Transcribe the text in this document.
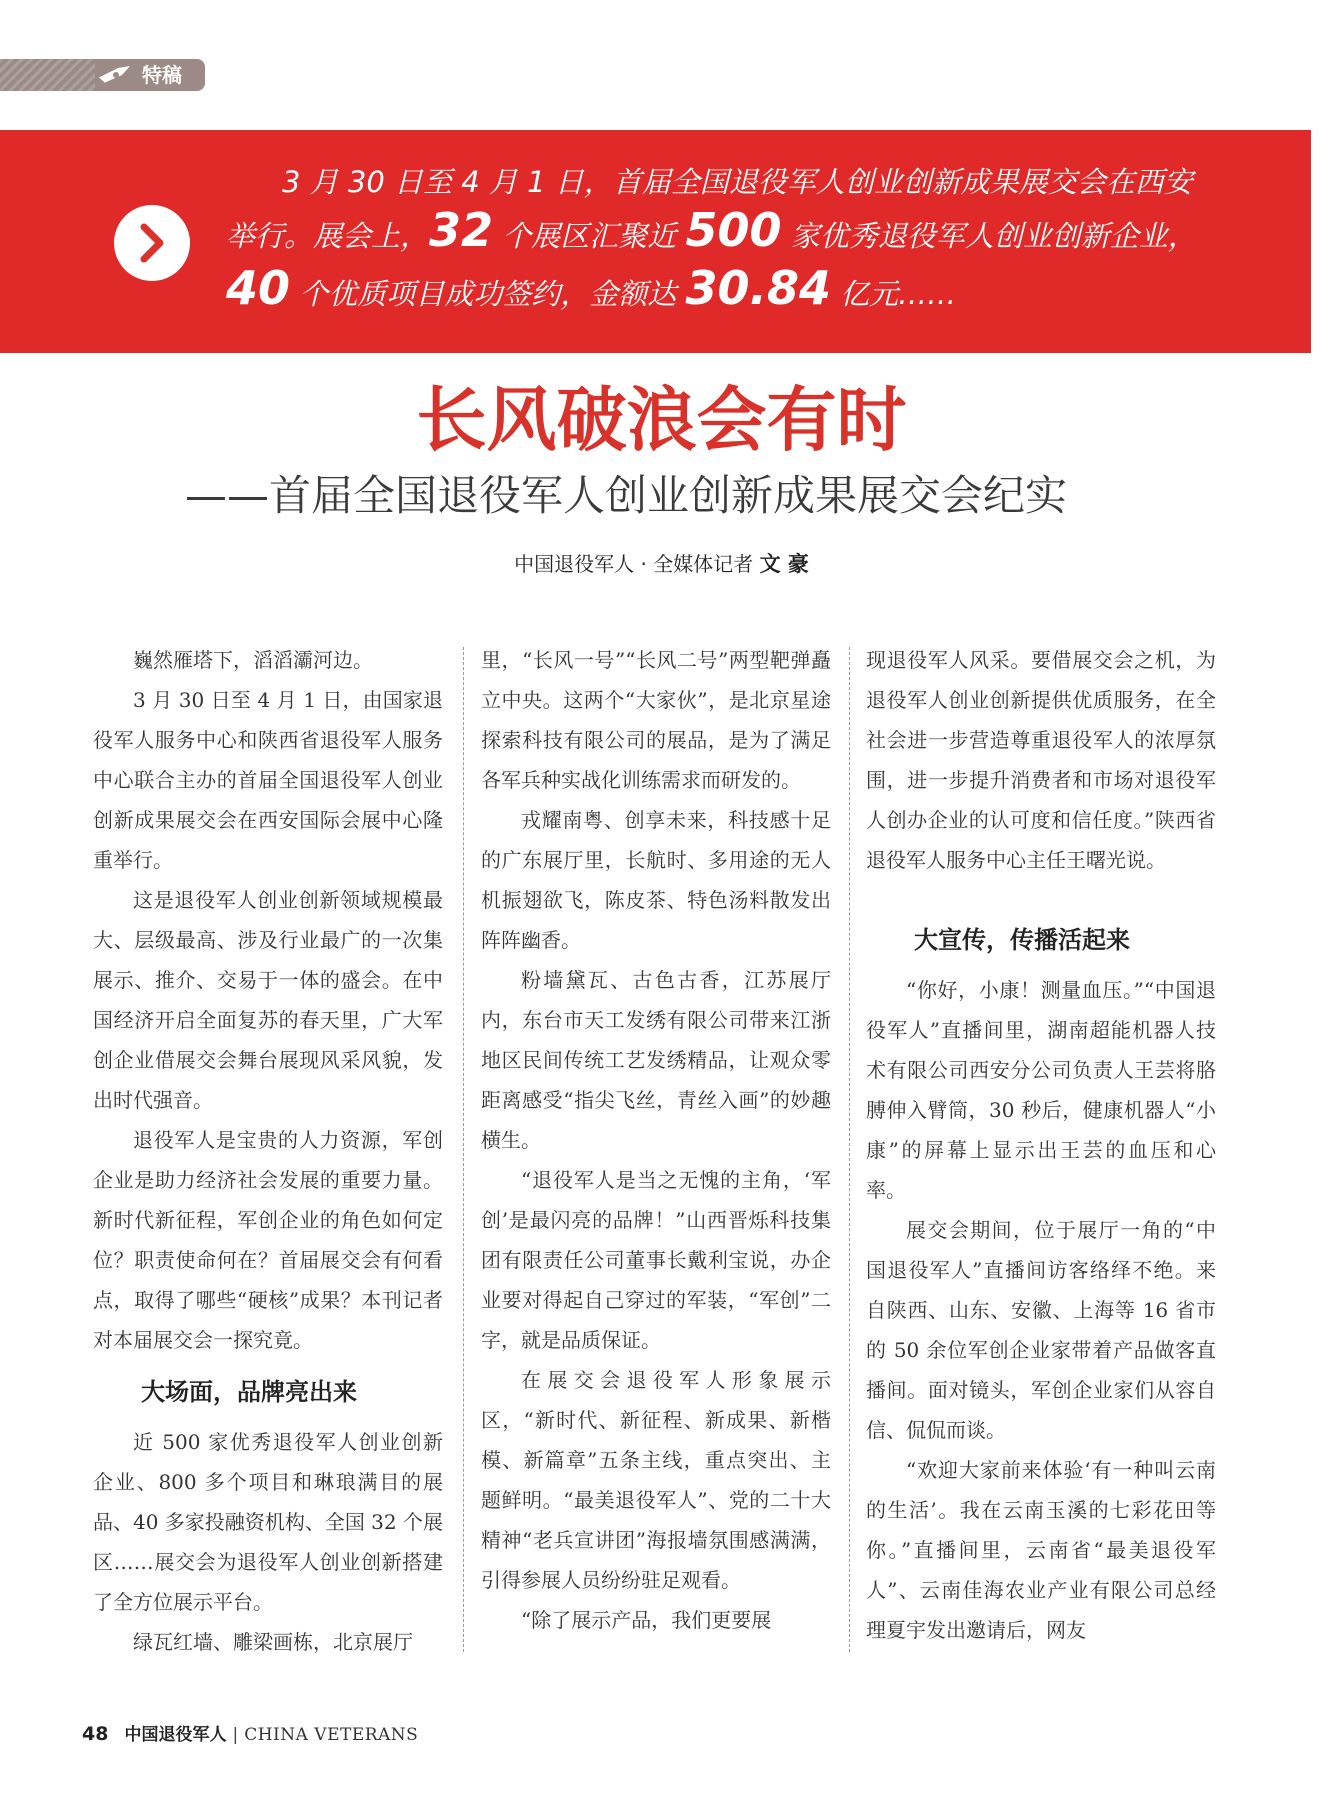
特稿
3 月 30 日至 4 月 1 日，首届全国退役军人创业创新成果展交会在西安
举行。展会上，32 个展区汇聚近 500 家优秀退役军人创业创新企业，
40 个优质项目成功签约，金额达 30.84 亿元……
长风破浪会有时
——首届全国退役军人创业创新成果展交会纪实
中国退役军人 · 全媒体记者 文 豪

巍然雁塔下，滔滔灞河边。

3 月 30 日至 4 月 1 日，由国家退役军人服务中心和陕西省退役军人服务中心联合主办的首届全国退役军人创业创新成果展交会在西安国际会展中心隆重举行。

这是退役军人创业创新领域规模最大、层级最高、涉及行业最广的一次集展示、推介、交易于一体的盛会。在中国经济开启全面复苏的春天里，广大军创企业借展交会舞台展现风采风貌，发出时代强音。

退役军人是宝贵的人力资源，军创企业是助力经济社会发展的重要力量。新时代新征程，军创企业的角色如何定位？职责使命何在？首届展交会有何看点，取得了哪些“硬核”成果？本刊记者对本届展交会一探究竟。

大场面，品牌亮出来

近 500 家优秀退役军人创业创新企业、800 多个项目和琳琅满目的展品、40 多家投融资机构、全国 32 个展区……展交会为退役军人创业创新搭建了全方位展示平台。

绿瓦红墙、雕梁画栋，北京展厅

里，“长风一号”“长风二号”两型靶弹矗立中央。这两个“大家伙”，是北京星途探索科技有限公司的展品，是为了满足各军兵种实战化训练需求而研发的。

戎耀南粤、创享未来，科技感十足的广东展厅里，长航时、多用途的无人机振翅欲飞，陈皮茶、特色汤料散发出阵阵幽香。

粉墙黛瓦、古色古香，江苏展厅内，东台市天工发绣有限公司带来江浙地区民间传统工艺发绣精品，让观众零距离感受“指尖飞丝，青丝入画”的妙趣横生。

“退役军人是当之无愧的主角，‘军创’是最闪亮的品牌！”山西晋烁科技集团有限责任公司董事长戴利宝说，办企业要对得起自己穿过的军装，“军创”二字，就是品质保证。

在展交会退役军人形象展示区，“新时代、新征程、新成果、新楷模、新篇章”五条主线，重点突出、主题鲜明。“最美退役军人”、党的二十大精神“老兵宣讲团”海报墙氛围感满满，引得参展人员纷纷驻足观看。

“除了展示产品，我们更要展

现退役军人风采。要借展交会之机，为退役军人创业创新提供优质服务，在全社会进一步营造尊重退役军人的浓厚氛围，进一步提升消费者和市场对退役军人创办企业的认可度和信任度。”陕西省退役军人服务中心主任王曙光说。

大宣传，传播活起来

“你好，小康！测量血压。”“中国退役军人”直播间里，湖南超能机器人技术有限公司西安分公司负责人王芸将胳膊伸入臂筒，30 秒后，健康机器人“小康”的屏幕上显示出王芸的血压和心率。

展交会期间，位于展厅一角的“中国退役军人”直播间访客络绎不绝。来自陕西、山东、安徽、上海等 16 省市的 50 余位军创企业家带着产品做客直播间。面对镜头，军创企业家们从容自信、侃侃而谈。

“欢迎大家前来体验‘有一种叫云南的生活’。我在云南玉溪的七彩花田等你。”直播间里，云南省“最美退役军人”、云南佳海农业产业有限公司总经理夏宇发出邀请后，网友

48 中国退役军人 | CHINA VETERANS
